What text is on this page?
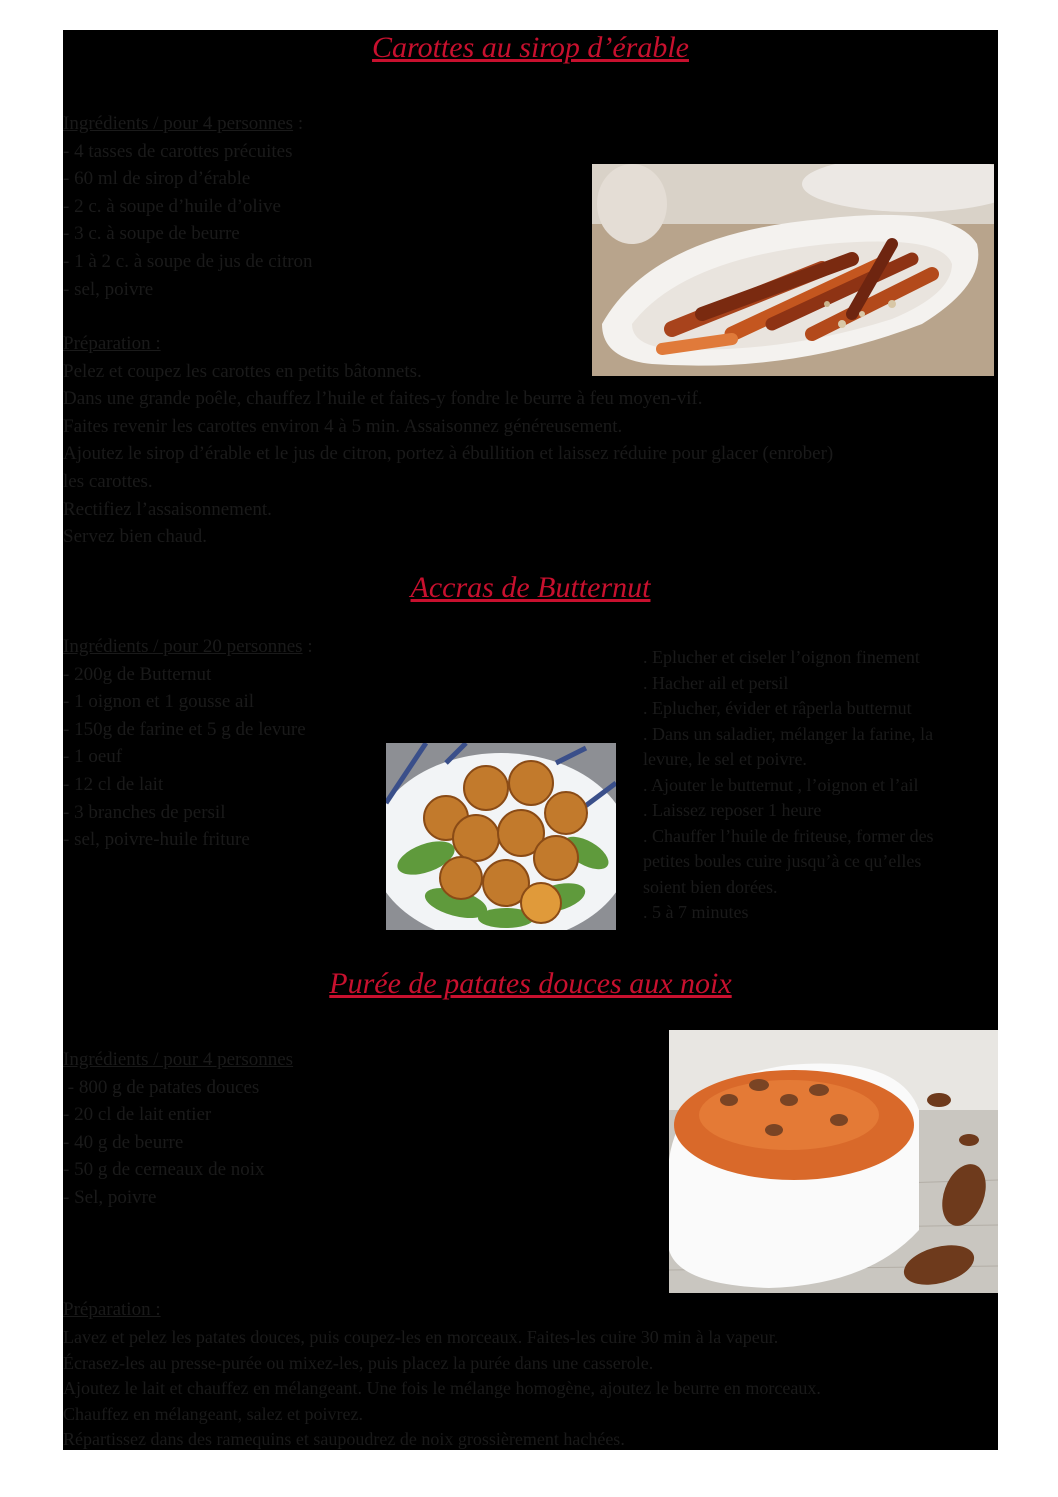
Carottes au sirop d’érable
Ingrédients / pour 4 personnes :
- 4 tasses de carottes précuites
- 60 ml de sirop d’érable
- 2 c. à soupe d’huile d’olive
- 3 c. à soupe de beurre
- 1 à 2 c. à soupe de jus de citron
- sel, poivre
Préparation :
Pelez et coupez les carottes en petits bâtonnets.
Dans une grande poêle, chauffez l’huile et faites-y fondre le beurre à feu moyen-vif.
Faites revenir les carottes environ 4 à 5 min. Assaisonnez généreusement.
Ajoutez le sirop d’érable et le jus de citron, portez à ébullition et laissez réduire pour glacer (enrober)
les carottes.
Rectifiez l’assaisonnement.
Servez bien chaud.
Accras de Butternut
Ingrédients / pour 20 personnes :
- 200g de Butternut
- 1 oignon et 1 gousse ail
- 150g de farine et 5 g de levure
- 1 oeuf
- 12 cl de lait
- 3 branches de persil
- sel, poivre-huile friture
. Eplucher et ciseler l’oignon finement
. Hacher ail et persil
. Eplucher, évider et râperla butternut
. Dans un saladier, mélanger la farine, la
levure, le sel et poivre.
. Ajouter le butternut , l’oignon et l’ail
. Laissez reposer 1 heure
. Chauffer l’huile de friteuse, former des
petites boules cuire jusqu’à ce qu’elles
soient bien dorées.
. 5 à 7 minutes
Purée de patates douces aux noix
Ingrédients / pour 4 personnes
- 800 g de patates douces
- 20 cl de lait entier
- 40 g de beurre
- 50 g de cerneaux de noix
- Sel, poivre
Préparation :
Lavez et pelez les patates douces, puis coupez-les en morceaux. Faites-les cuire 30 min à la vapeur.
Écrasez-les au presse-purée ou mixez-les, puis placez la purée dans une casserole.
Ajoutez le lait et chauffez en mélangeant. Une fois le mélange homogène, ajoutez le beurre en morceaux.
Chauffez en mélangeant, salez et poivrez.
Répartissez dans des ramequins et saupoudrez de noix grossièrement hachées.
